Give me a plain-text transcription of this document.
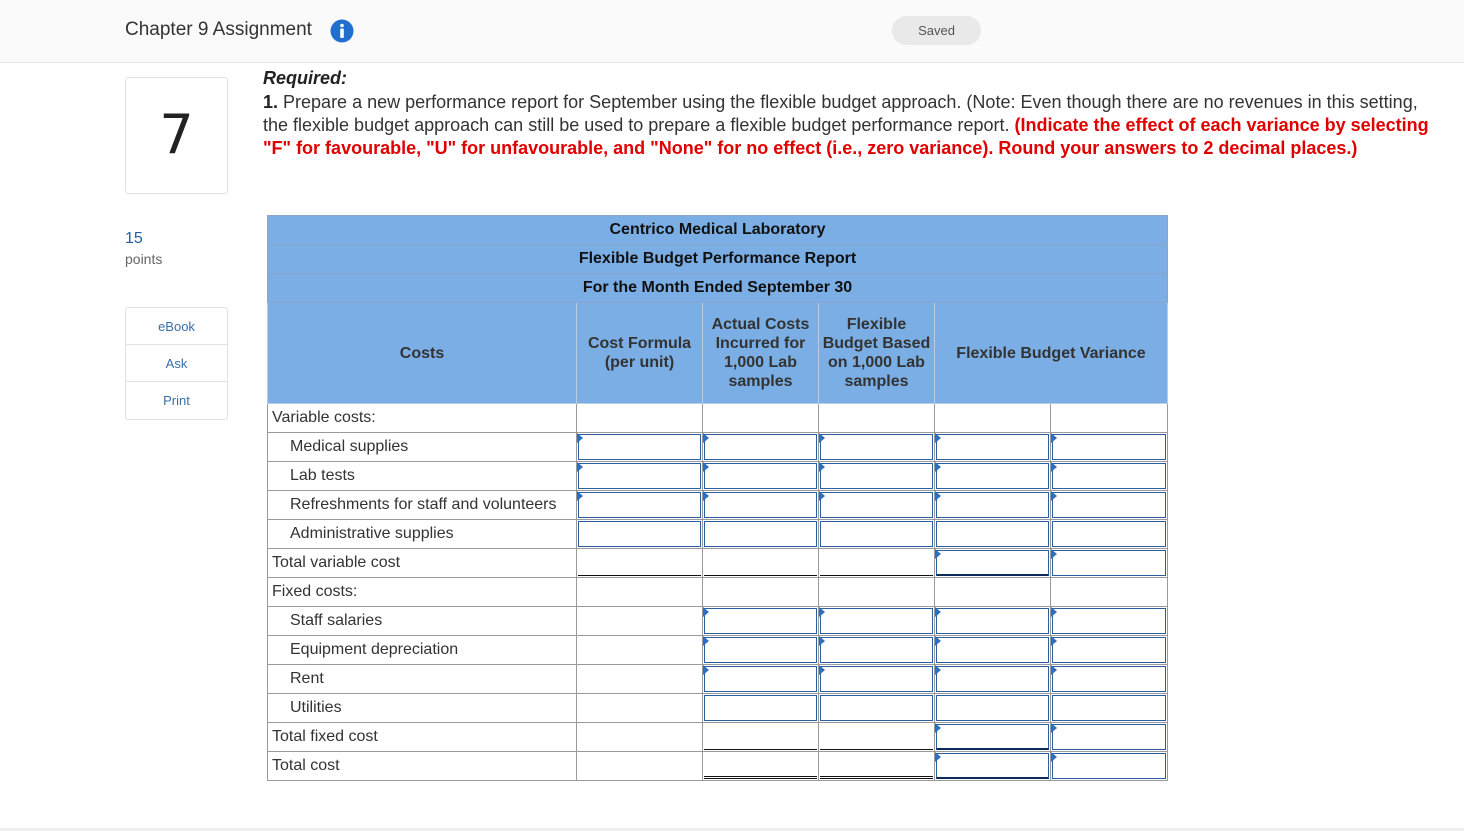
Chapter 9 Assignment	Saved
7
15
points
eBook
Ask
Print
Required:
1. Prepare a new performance report for September using the flexible budget approach. (Note: Even though there are no revenues in this setting, the flexible budget approach can still be used to prepare a flexible budget performance report. (Indicate the effect of each variance by selecting "F" for favourable, "U" for unfavourable, and "None" for no effect (i.e., zero variance). Round your answers to 2 decimal places.)
Centrico Medical Laboratory					
Flexible Budget Performance Report					
For the Month Ended September 30					
Costs	Cost Formula (per unit)	Actual Costs Incurred for 1,000 Lab samples	Flexible Budget Based on 1,000 Lab samples	Flexible Budget Variance	
Variable costs:					
Medical supplies	

Lab tests	

Refreshments for staff and volunteers	

Administrative supplies	

Total variable cost	

Fixed costs:					
Staff salaries		

Equipment depreciation		

Rent		

Utilities		

Total fixed cost		

Total cost		
